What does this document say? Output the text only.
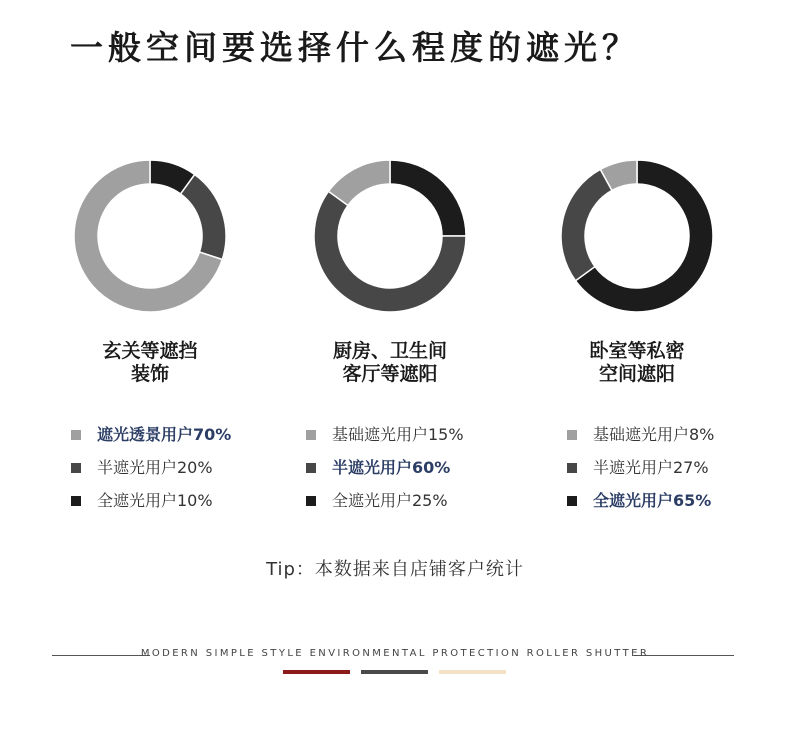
一般空间要选择什么程度的遮光？
玄关等遮挡
装饰
遮光透景用户70%
半遮光用户20%
全遮光用户10%
厨房、卫生间
客厅等遮阳
基础遮光用户15%
半遮光用户60%
全遮光用户25%
卧室等私密
空间遮阳
基础遮光用户8%
半遮光用户27%
全遮光用户65%
Tip：本数据来自店铺客户统计
MODERN SIMPLE STYLE ENVIRONMENTAL PROTECTION ROLLER SHUTTER
